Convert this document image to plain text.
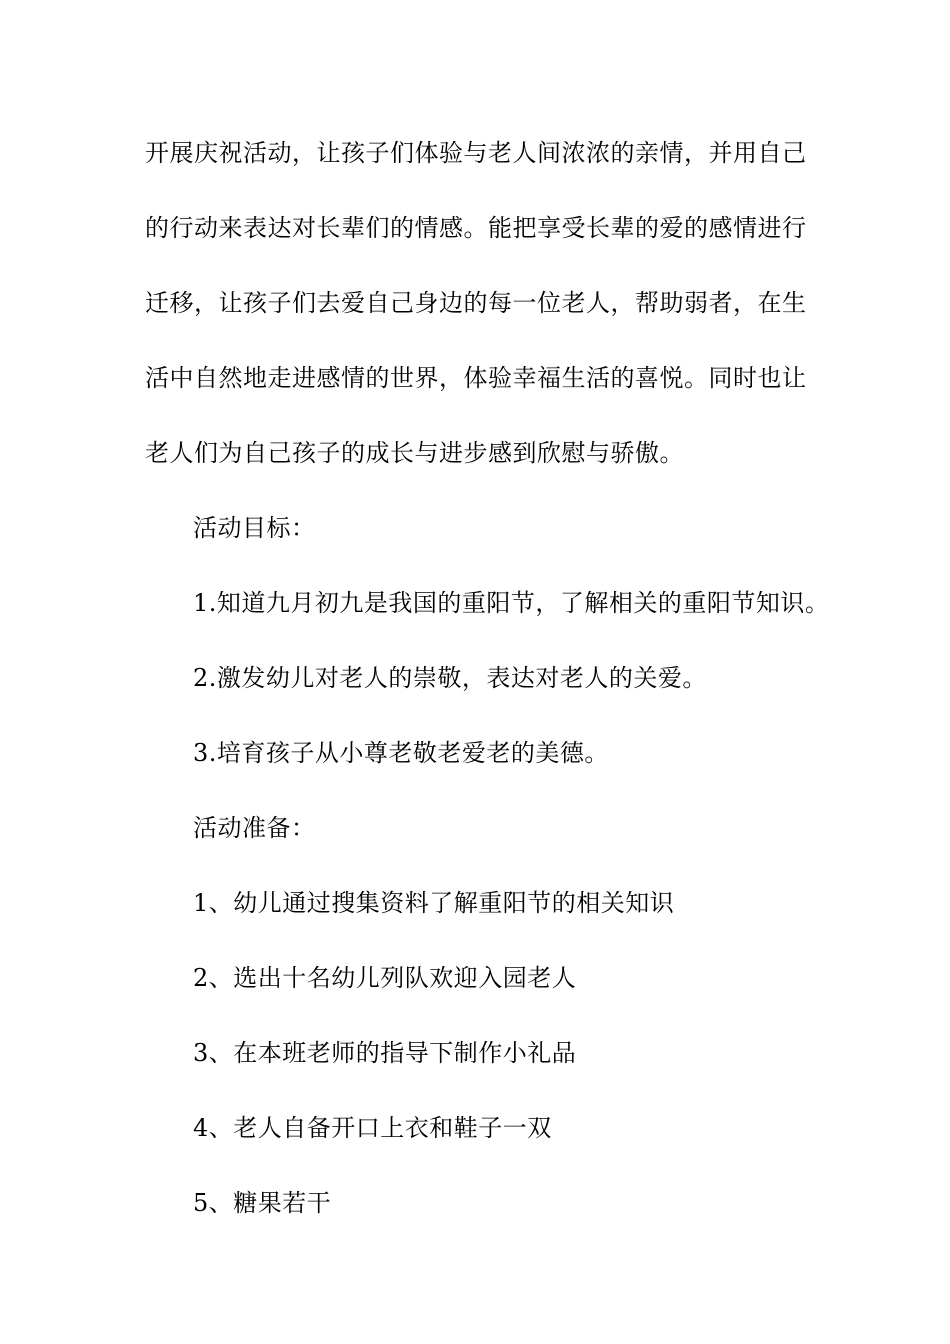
开展庆祝活动，让孩子们体验与老人间浓浓的亲情，并用自己
的行动来表达对长辈们的情感。能把享受长辈的爱的感情进行
迁移，让孩子们去爱自己身边的每一位老人，帮助弱者，在生
活中自然地走进感情的世界，体验幸福生活的喜悦。同时也让
老人们为自己孩子的成长与进步感到欣慰与骄傲。
活动目标：
1.知道九月初九是我国的重阳节，了解相关的重阳节知识。
2.激发幼儿对老人的崇敬，表达对老人的关爱。
3.培育孩子从小尊老敬老爱老的美德。
活动准备：
1、幼儿通过搜集资料了解重阳节的相关知识
2、选出十名幼儿列队欢迎入园老人
3、在本班老师的指导下制作小礼品
4、老人自备开口上衣和鞋子一双
5、糖果若干
